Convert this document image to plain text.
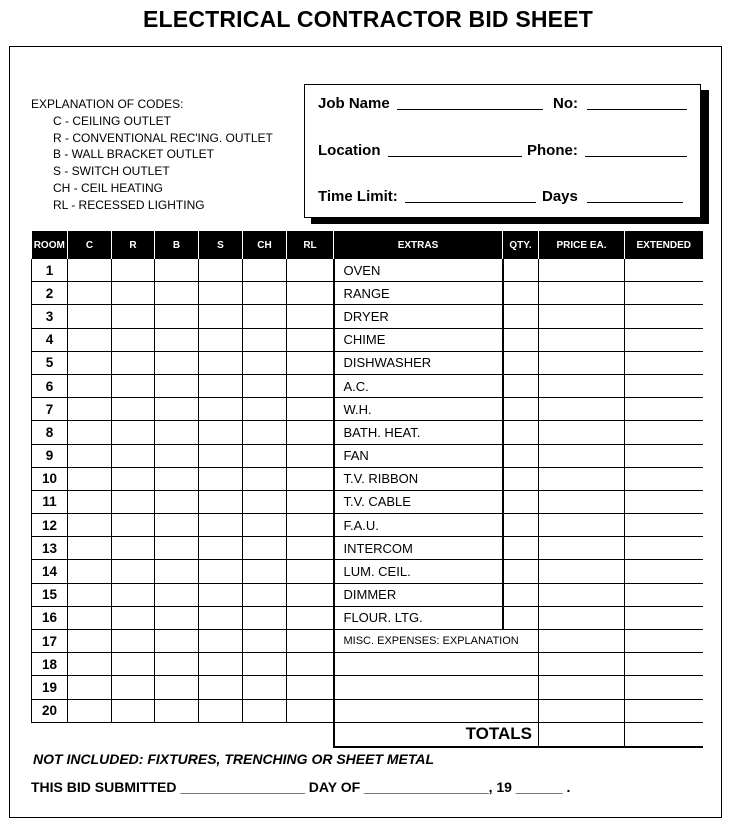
ELECTRICAL CONTRACTOR BID SHEET
EXPLANATION OF CODES:
C - CEILING OUTLET
R - CONVENTIONAL REC'ING. OUTLET
B - WALL BRACKET OUTLET
S - SWITCH OUTLET
CH - CEIL HEATING
RL - RECESSED LIGHTING
Job Name	No:
Location	Phone:
Time Limit:	Days
ROOM	C	R	B	S	CH	RL	EXTRAS	QTY.	PRICE EA.	EXTENDED
1							OVEN			
2							RANGE			
3							DRYER			
4							CHIME			
5							DISHWASHER			
6							A.C.			
7							W.H.			
8							BATH. HEAT.			
9							FAN			
10							T.V. RIBBON			
11							T.V. CABLE			
12							F.A.U.			
13							INTERCOM			
14							LUM. CEIL.			
15							DIMMER			
16							FLOUR. LTG.			
17							MISC. EXPENSES: EXPLANATION			
18										
19										
20										
							TOTALS			
NOT INCLUDED: FIXTURES, TRENCHING OR SHEET METAL
THIS BID SUBMITTED ________________ DAY OF ________________, 19 ______ .
